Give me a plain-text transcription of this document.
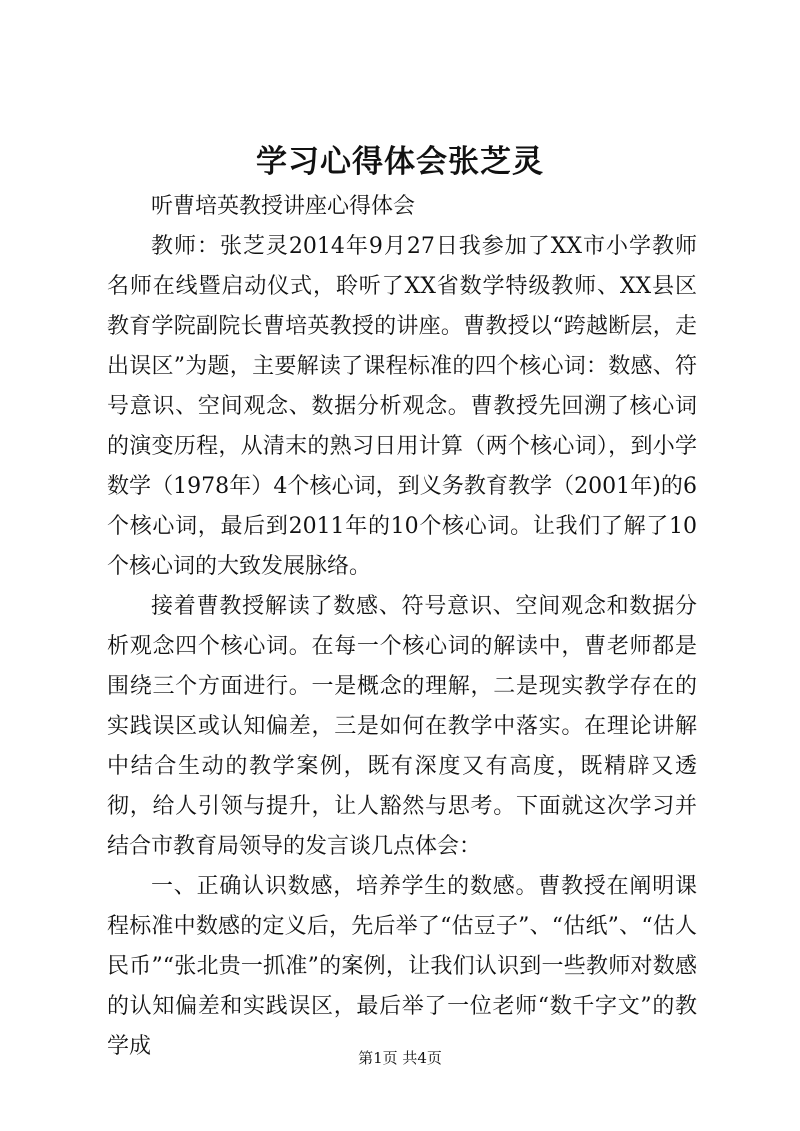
学习心得体会张芝灵

听曹培英教授讲座心得体会

教师：张芝灵2014年9月27日我参加了XX市小学教师名师在线暨启动仪式，聆听了XX省数学特级教师、XX县区教育学院副院长曹培英教授的讲座。曹教授以“跨越断层，走出误区”为题，主要解读了课程标准的四个核心词：数感、符号意识、空间观念、数据分析观念。曹教授先回溯了核心词的演变历程，从清末的熟习日用计算（两个核心词），到小学数学（1978年）4个核心词，到义务教育教学（2001年)的6个核心词，最后到2011年的10个核心词。让我们了解了10个核心词的大致发展脉络。

接着曹教授解读了数感、符号意识、空间观念和数据分析观念四个核心词。在每一个核心词的解读中，曹老师都是围绕三个方面进行。一是概念的理解，二是现实教学存在的实践误区或认知偏差，三是如何在教学中落实。在理论讲解中结合生动的教学案例，既有深度又有高度，既精辟又透彻，给人引领与提升，让人豁然与思考。下面就这次学习并结合市教育局领导的发言谈几点体会：

一、正确认识数感，培养学生的数感。曹教授在阐明课程标准中数感的定义后，先后举了“估豆子”、“估纸”、“估人民币”“张北贵一抓准”的案例，让我们认识到一些教师对数感的认知偏差和实践误区，最后举了一位老师“数千字文”的教学成	第1页 共4页
